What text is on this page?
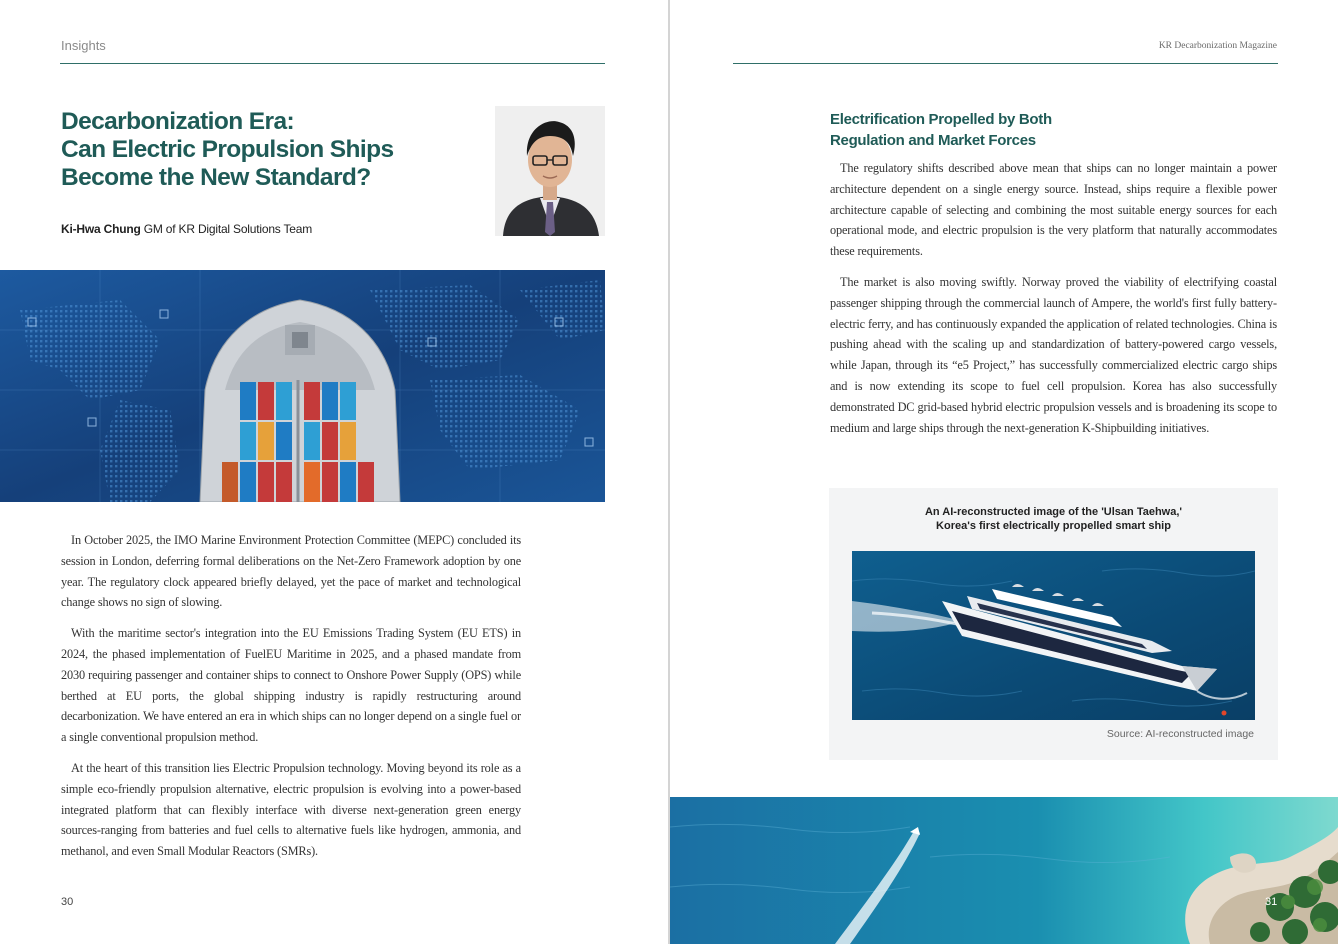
Insights
Decarbonization Era:
Can Electric Propulsion Ships
Become the New Standard?
Ki-Hwa Chung GM of KR Digital Solutions Team

In October 2025, the IMO Marine Environment Protection Committee (MEPC) concluded its session in London, deferring formal deliberations on the Net-Zero Framework adoption by one year. The regulatory clock appeared briefly delayed, yet the pace of market and technological change shows no sign of slowing.

With the maritime sector's integration into the EU Emissions Trading System (EU ETS) in 2024, the phased implementation of FuelEU Maritime in 2025, and a phased mandate from 2030 requiring passenger and container ships to connect to Onshore Power Supply (OPS) while berthed at EU ports, the global shipping industry is rapidly restructuring around decarbonization. We have entered an era in which ships can no longer depend on a single fuel or a single conventional propulsion method.

At the heart of this transition lies Electric Propulsion technology. Moving beyond its role as a simple eco-friendly propulsion alternative, electric propulsion is evolving into a power-based integrated platform that can flexibly interface with diverse next-generation green energy sources-ranging from batteries and fuel cells to alternative fuels like hydrogen, ammonia, and methanol, and even Small Modular Reactors (SMRs).

30
KR Decarbonization Magazine
Electrification Propelled by Both
Regulation and Market Forces

The regulatory shifts described above mean that ships can no longer maintain a power architecture dependent on a single energy source. Instead, ships require a flexible power architecture capable of selecting and combining the most suitable energy sources for each operational mode, and electric propulsion is the very platform that naturally accommodates these requirements.

The market is also moving swiftly. Norway proved the viability of electrifying coastal passenger shipping through the commercial launch of Ampere, the world's first fully battery-electric ferry, and has continuously expanded the application of related technologies. China is pushing ahead with the scaling up and standardization of battery-powered cargo vessels, while Japan, through its “e5 Project,” has successfully commercialized electric cargo ships and is now extending its scope to fuel cell propulsion. Korea has also successfully demonstrated DC grid-based hybrid electric propulsion vessels and is broadening its scope to medium and large ships through the next-generation K-Shipbuilding initiatives.

An AI-reconstructed image of the 'Ulsan Taehwa,'
Korea's first electrically propelled smart ship
Source: AI-reconstructed image
31
